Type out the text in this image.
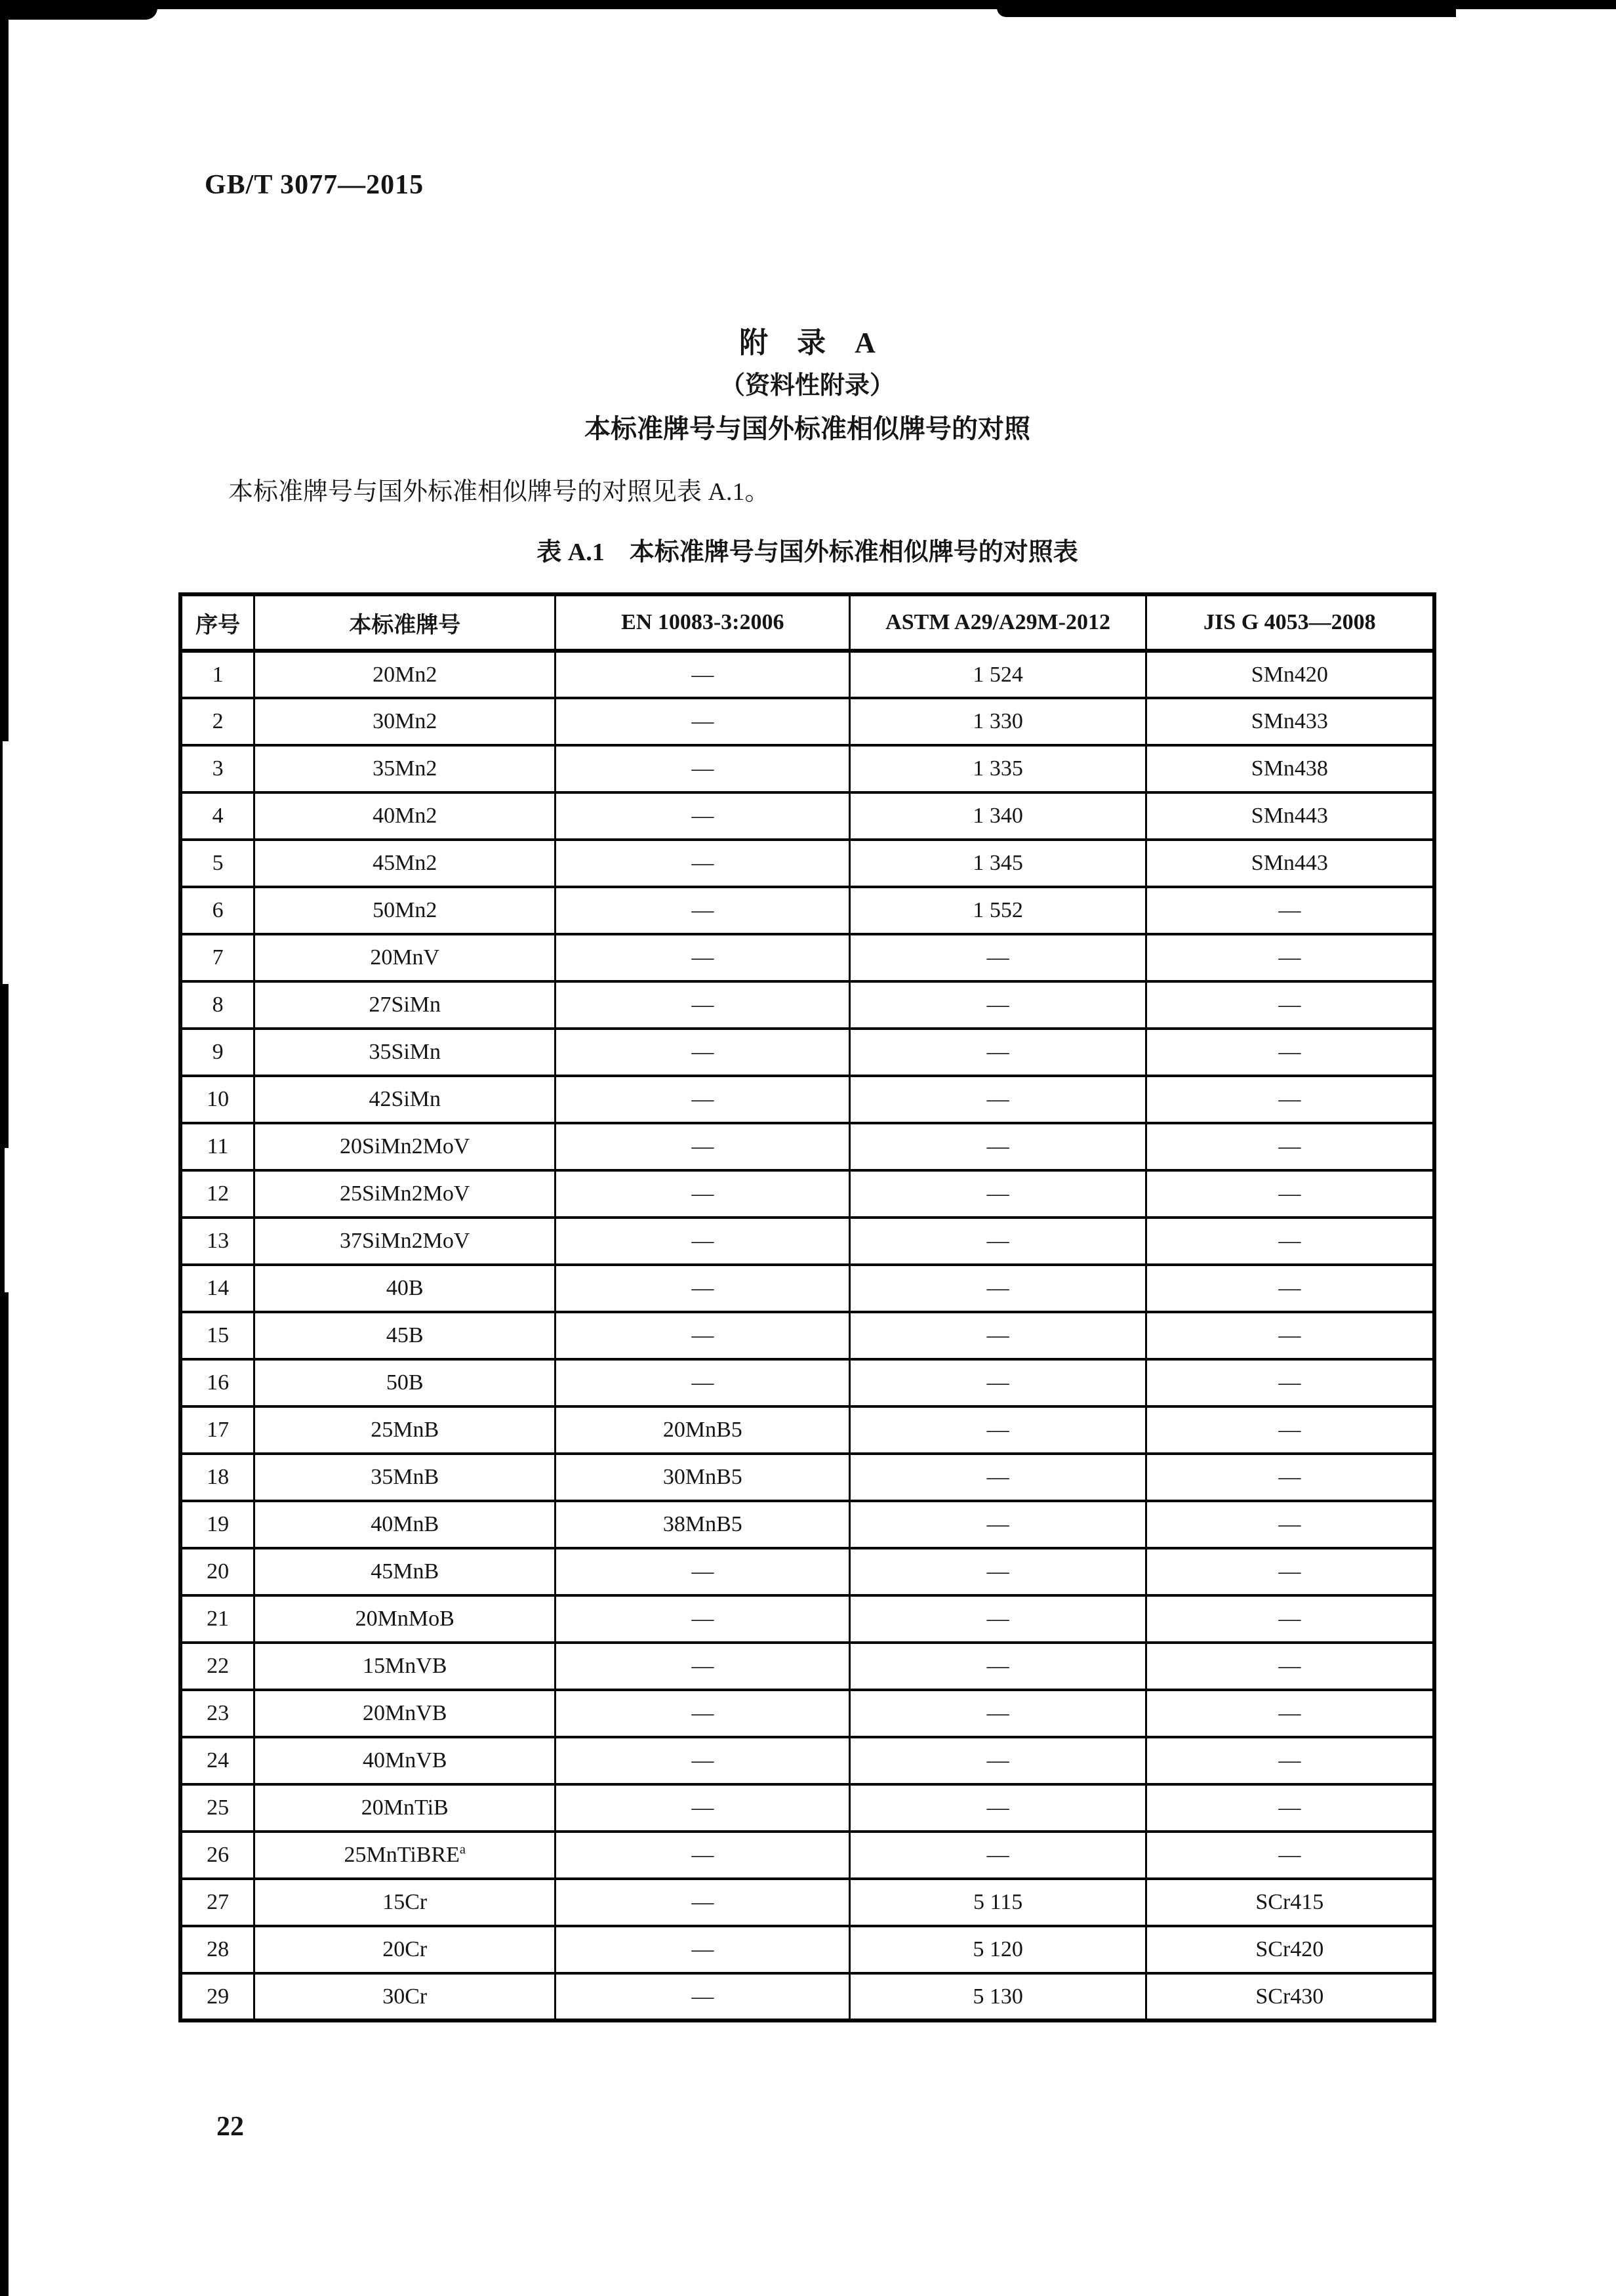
GB/T 3077—2015
附　录　A
（资料性附录）
本标准牌号与国外标准相似牌号的对照
本标准牌号与国外标准相似牌号的对照见表 A.1。
表 A.1　本标准牌号与国外标准相似牌号的对照表
序号	本标准牌号	EN 10083-3:2006	ASTM A29/A29M-2012	JIS G 4053—2008
1	20Mn2	—	1 524	SMn420
2	30Mn2	—	1 330	SMn433
3	35Mn2	—	1 335	SMn438
4	40Mn2	—	1 340	SMn443
5	45Mn2	—	1 345	SMn443
6	50Mn2	—	1 552	—
7	20MnV	—	—	—
8	27SiMn	—	—	—
9	35SiMn	—	—	—
10	42SiMn	—	—	—
11	20SiMn2MoV	—	—	—
12	25SiMn2MoV	—	—	—
13	37SiMn2MoV	—	—	—
14	40B	—	—	—
15	45B	—	—	—
16	50B	—	—	—
17	25MnB	20MnB5	—	—
18	35MnB	30MnB5	—	—
19	40MnB	38MnB5	—	—
20	45MnB	—	—	—
21	20MnMoB	—	—	—
22	15MnVB	—	—	—
23	20MnVB	—	—	—
24	40MnVB	—	—	—
25	20MnTiB	—	—	—
26	25MnTiBRE$^a$	—	—	—
27	15Cr	—	5 115	SCr415
28	20Cr	—	5 120	SCr420
29	30Cr	—	5 130	SCr430
22
